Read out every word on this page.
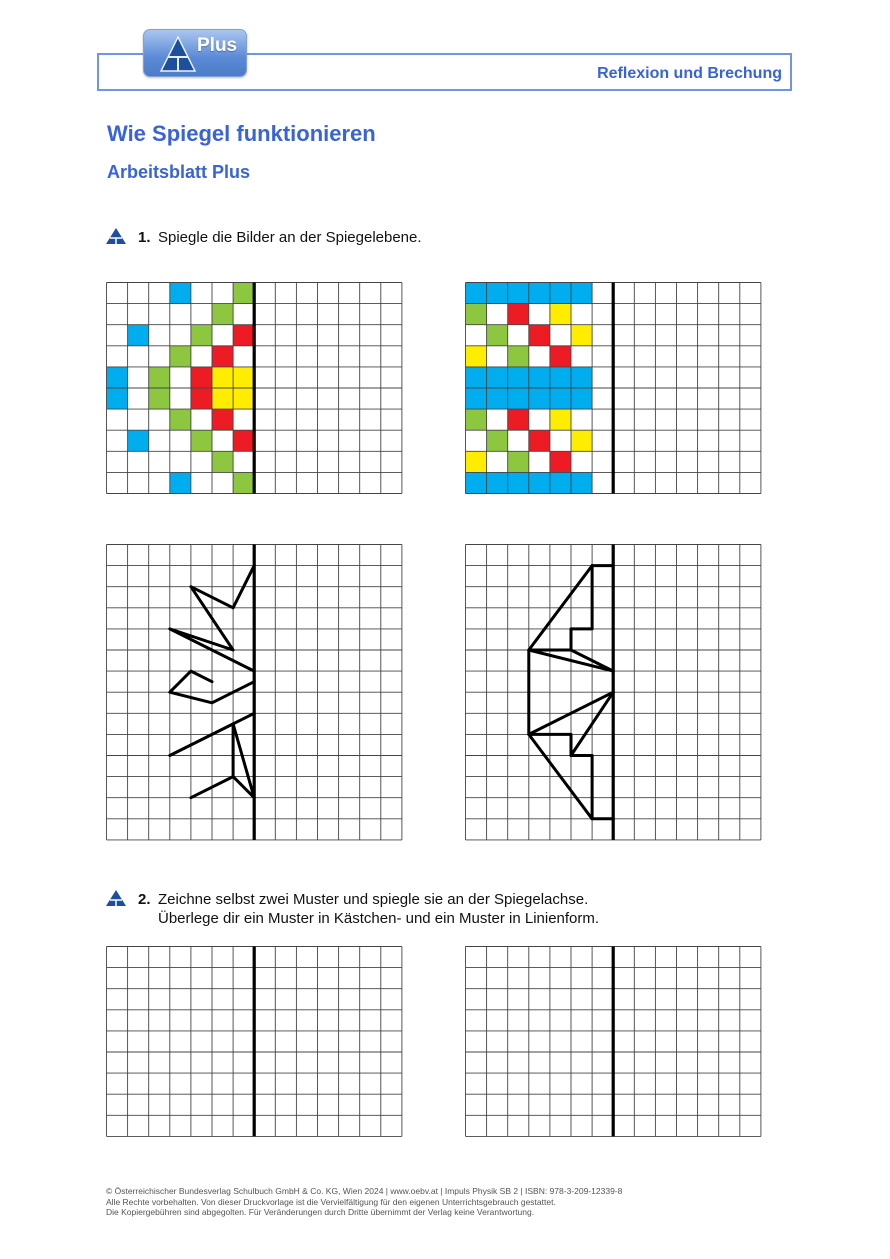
Reflexion und Brechung
Plus
Wie Spiegel funktionieren
Arbeitsblatt Plus
1. Spiegle die Bilder an der Spiegelebene.
2. Zeichne selbst zwei Muster und spiegle sie an der Spiegelachse.
Überlege dir ein Muster in Kästchen- und ein Muster in Linienform.
© Österreichischer Bundesverlag Schulbuch GmbH & Co. KG, Wien 2024 | www.oebv.at | Impuls Physik SB 2 | ISBN: 978-3-209-12339-8
Alle Rechte vorbehalten. Von dieser Druckvorlage ist die Vervielfältigung für den eigenen Unterrichtsgebrauch gestattet.
Die Kopiergebühren sind abgegolten. Für Veränderungen durch Dritte übernimmt der Verlag keine Verantwortung.
